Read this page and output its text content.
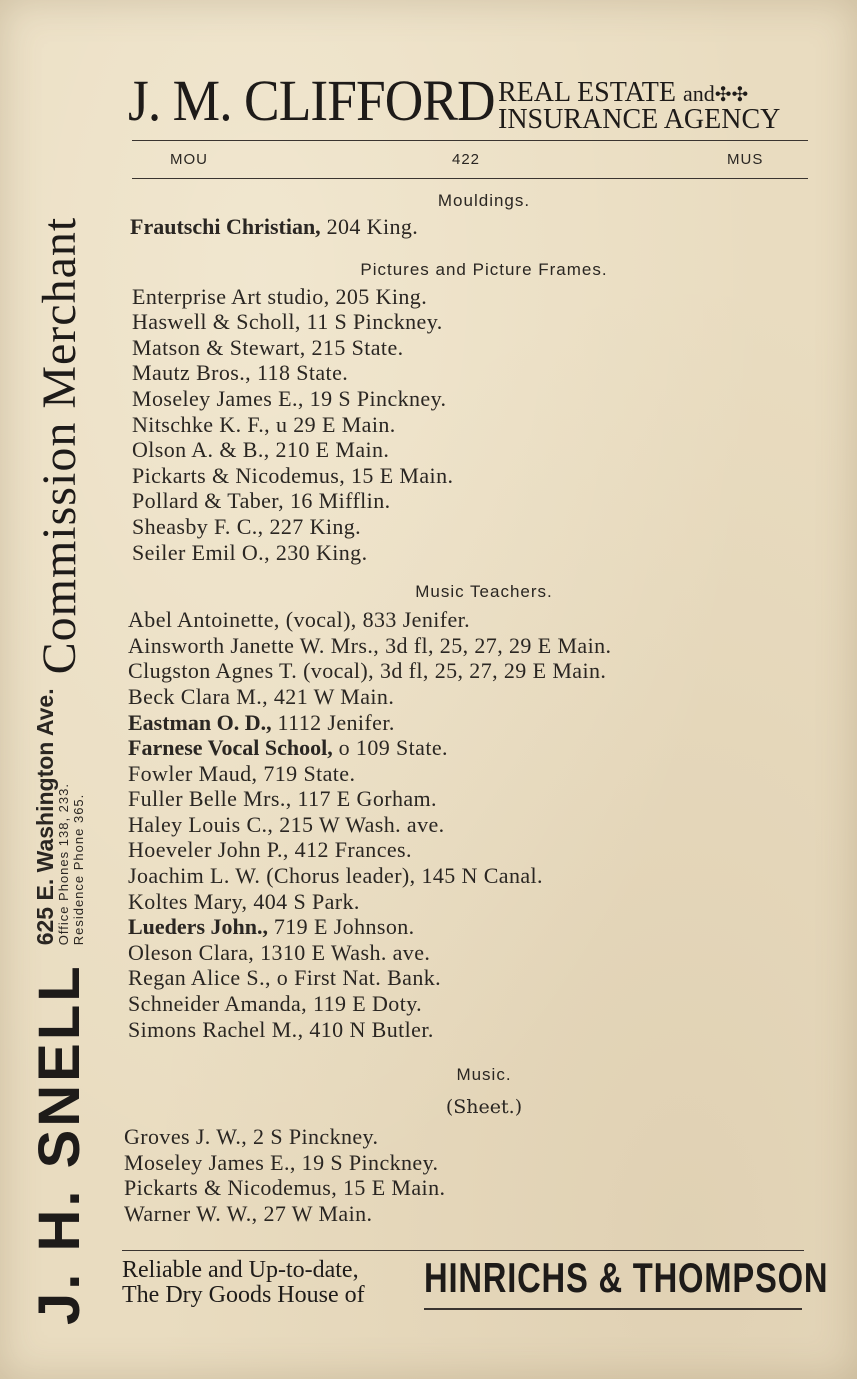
J. H. SNELL
625 E. Washington Ave.
Office Phones 138, 233. Residence Phone 365.
Commission Merchant
J. M. CLIFFORD REAL ESTATE and✣✣
INSURANCE AGENCY
MOU	422	MUS
Mouldings.
Frautschi Christian, 204 King.
Pictures and Picture Frames.
Enterprise Art studio, 205 King.
Haswell & Scholl, 11 S Pinckney.
Matson & Stewart, 215 State.
Mautz Bros., 118 State.
Moseley James E., 19 S Pinckney.
Nitschke K. F., u 29 E Main.
Olson A. & B., 210 E Main.
Pickarts & Nicodemus, 15 E Main.
Pollard & Taber, 16 Mifflin.
Sheasby F. C., 227 King.
Seiler Emil O., 230 King.
Music Teachers.
Abel Antoinette, (vocal), 833 Jenifer.
Ainsworth Janette W. Mrs., 3d fl, 25, 27, 29 E Main.
Clugston Agnes T. (vocal), 3d fl, 25, 27, 29 E Main.
Beck Clara M., 421 W Main.
Eastman O. D., 1112 Jenifer.
Farnese Vocal School, o 109 State.
Fowler Maud, 719 State.
Fuller Belle Mrs., 117 E Gorham.
Haley Louis C., 215 W Wash. ave.
Hoeveler John P., 412 Frances.
Joachim L. W. (Chorus leader), 145 N Canal.
Koltes Mary, 404 S Park.
Lueders John., 719 E Johnson.
Oleson Clara, 1310 E Wash. ave.
Regan Alice S., o First Nat. Bank.
Schneider Amanda, 119 E Doty.
Simons Rachel M., 410 N Butler.
Music.
(Sheet.)
Groves J. W., 2 S Pinckney.
Moseley James E., 19 S Pinckney.
Pickarts & Nicodemus, 15 E Main.
Warner W. W., 27 W Main.
Reliable and Up-to-date,
The Dry Goods House of HINRICHS & THOMPSON
